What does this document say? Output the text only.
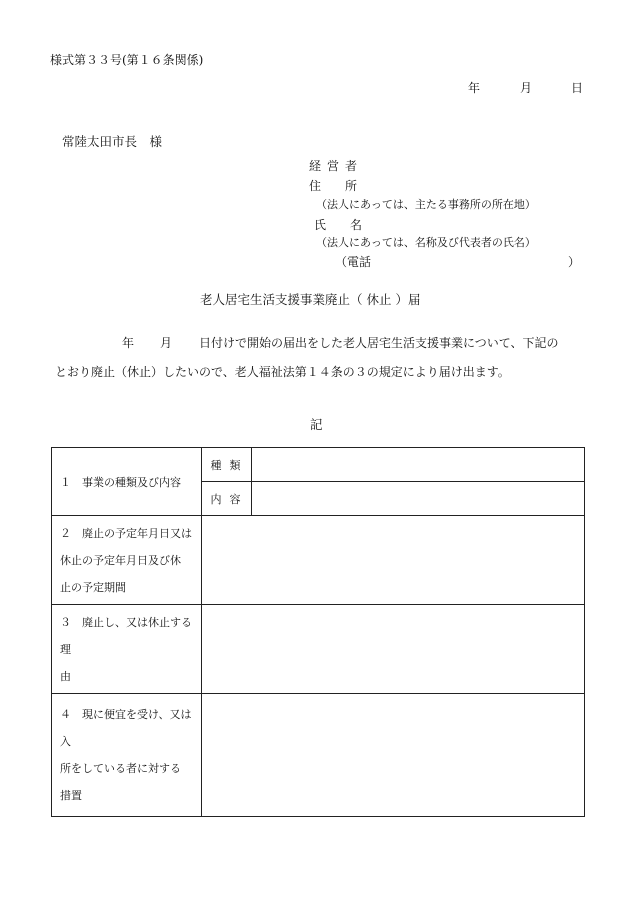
様式第３３号(第１６条関係)
年	月	日
常陸太田市長　様
経営者
住　　所
（法人にあっては、主たる事務所の所在地）
氏　　名
（法人にあっては、名称及び代表者の氏名）
（電話	）
老人居宅生活支援事業廃止（ 休止 ）届
年 月 日付けで開始の届出をした老人居宅生活支援事業について、下記の
とおり廃止（休止）したいので、老人福祉法第１４条の３の規定により届け出ます。
記
１　事業の種類及び内容	種類	
	内容	

２　廃止の予定年月日又は
休止の予定年月日及び休
止の予定期間		

３　廃止し、又は休止する理
由		

４　現に便宜を受け、又は入
所をしている者に対する
措置		
